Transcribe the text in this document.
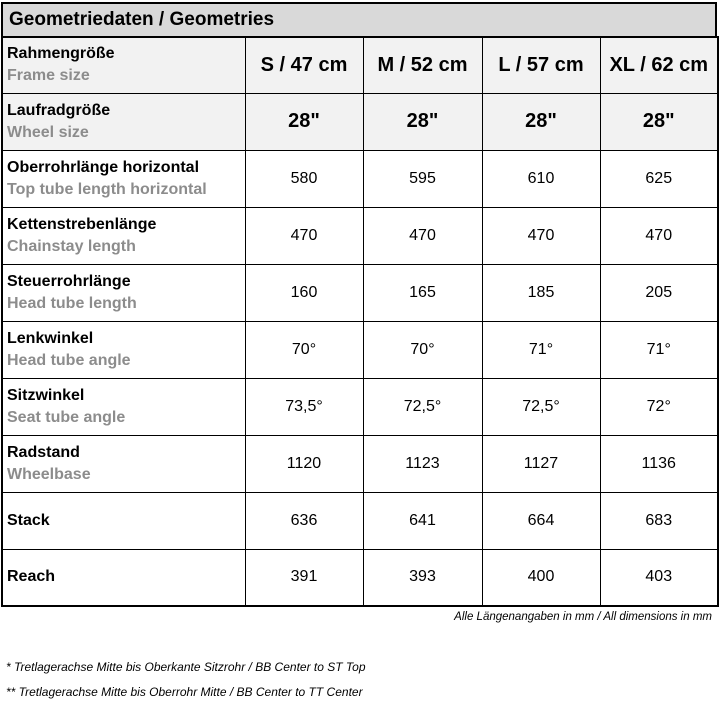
Geometriedaten / Geometries
Rahmengröße
Frame size	S / 47 cm	M / 52 cm	L / 57 cm	XL / 62 cm

Laufradgröße
Wheel size	28"	28"	28"	28"

Oberrohrlänge horizontal
Top tube length horizontal	580	595	610	625

Kettenstrebenlänge
Chainstay length	470	470	470	470

Steuerrohrlänge
Head tube length	160	165	185	205

Lenkwinkel
Head tube angle	70°	70°	71°	71°

Sitzwinkel
Seat tube angle	73,5°	72,5°	72,5°	72°

Radstand
Wheelbase	1120	1123	1127	1136

Stack	636	641	664	683

Reach	391	393	400	403
Alle Längenangaben in mm / All dimensions in mm
* Tretlagerachse Mitte bis Oberkante Sitzrohr / BB Center to ST Top
** Tretlagerachse Mitte bis Oberrohr Mitte / BB Center to TT Center
